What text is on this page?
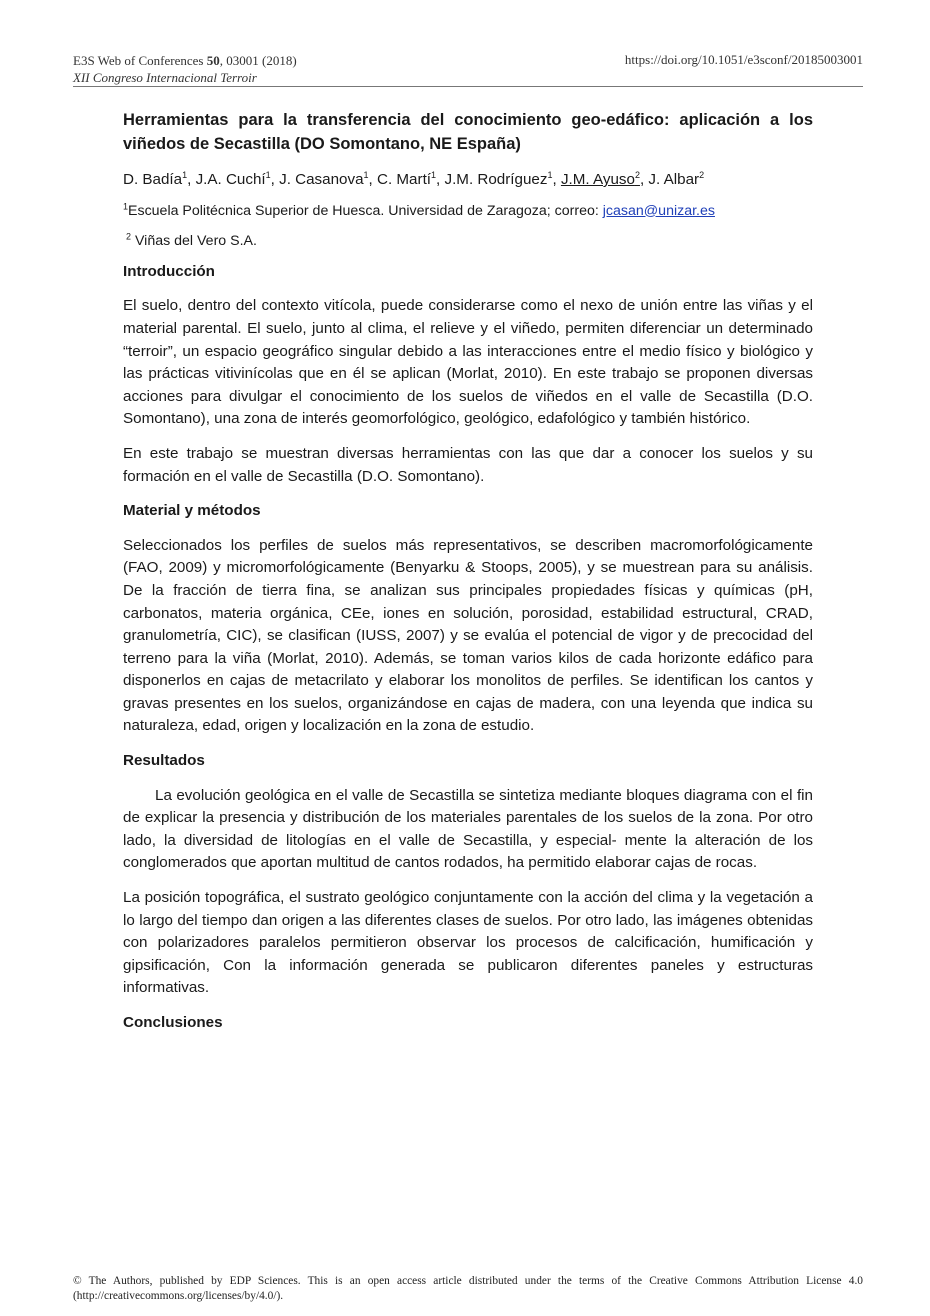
E3S Web of Conferences 50, 03001 (2018)
XII Congreso Internacional Terroir
https://doi.org/10.1051/e3sconf/20185003001
Herramientas para la transferencia del conocimiento geo-edáfico: aplicación a los viñedos de Secastilla (DO Somontano, NE España)
D. Badía$^1$, J.A. Cuchí$^1$, J. Casanova$^1$, C. Martí$^1$, J.M. Rodríguez$^1$, J.M. Ayuso$^2$, J. Albar$^2$
$^1$Escuela Politécnica Superior de Huesca. Universidad de Zaragoza; correo: jcasan@unizar.es
$^2$ Viñas del Vero S.A.
Introducción
El suelo, dentro del contexto vitícola, puede considerarse como el nexo de unión entre las viñas y el material parental. El suelo, junto al clima, el relieve y el viñedo, permiten diferenciar un determinado “terroir”, un espacio geográfico singular debido a las interacciones entre el medio físico y biológico y las prácticas vitivinícolas que en él se aplican (Morlat, 2010). En este trabajo se proponen diversas acciones para divulgar el conocimiento de los suelos de viñedos en el valle de Secastilla (D.O. Somontano), una zona de interés geomorfológico, geológico, edafológico y también histórico.
En este trabajo se muestran diversas herramientas con las que dar a conocer los suelos y su formación en el valle de Secastilla (D.O. Somontano).
Material y métodos
Seleccionados los perfiles de suelos más representativos, se describen macromorfológicamente (FAO, 2009) y micromorfológicamente (Benyarku & Stoops, 2005), y se muestrean para su análisis. De la fracción de tierra fina, se analizan sus principales propiedades físicas y químicas (pH, carbonatos, materia orgánica, CEe, iones en solución, porosidad, estabilidad estructural, CRAD, granulometría, CIC), se clasifican (IUSS, 2007) y se evalúa el potencial de vigor y de precocidad del terreno para la viña (Morlat, 2010). Además, se toman varios kilos de cada horizonte edáfico para disponerlos en cajas de metacrilato y elaborar los monolitos de perfiles. Se identifican los cantos y gravas presentes en los suelos, organizándose en cajas de madera, con una leyenda que indica su naturaleza, edad, origen y localización en la zona de estudio.
Resultados
La evolución geológica en el valle de Secastilla se sintetiza mediante bloques diagrama con el fin de explicar la presencia y distribución de los materiales parentales de los suelos de la zona. Por otro lado, la diversidad de litologías en el valle de Secastilla, y especial- mente la alteración de los conglomerados que aportan multitud de cantos rodados, ha permitido elaborar cajas de rocas.
La posición topográfica, el sustrato geológico conjuntamente con la acción del clima y la vegetación a lo largo del tiempo dan origen a las diferentes clases de suelos. Por otro lado, las imágenes obtenidas con polarizadores paralelos permitieron observar los procesos de calcificación, humificación y gipsificación, Con la información generada se publicaron diferentes paneles y estructuras informativas.
Conclusiones
© The Authors, published by EDP Sciences. This is an open access article distributed under the terms of the Creative Commons Attribution License 4.0 (http://creativecommons.org/licenses/by/4.0/).
